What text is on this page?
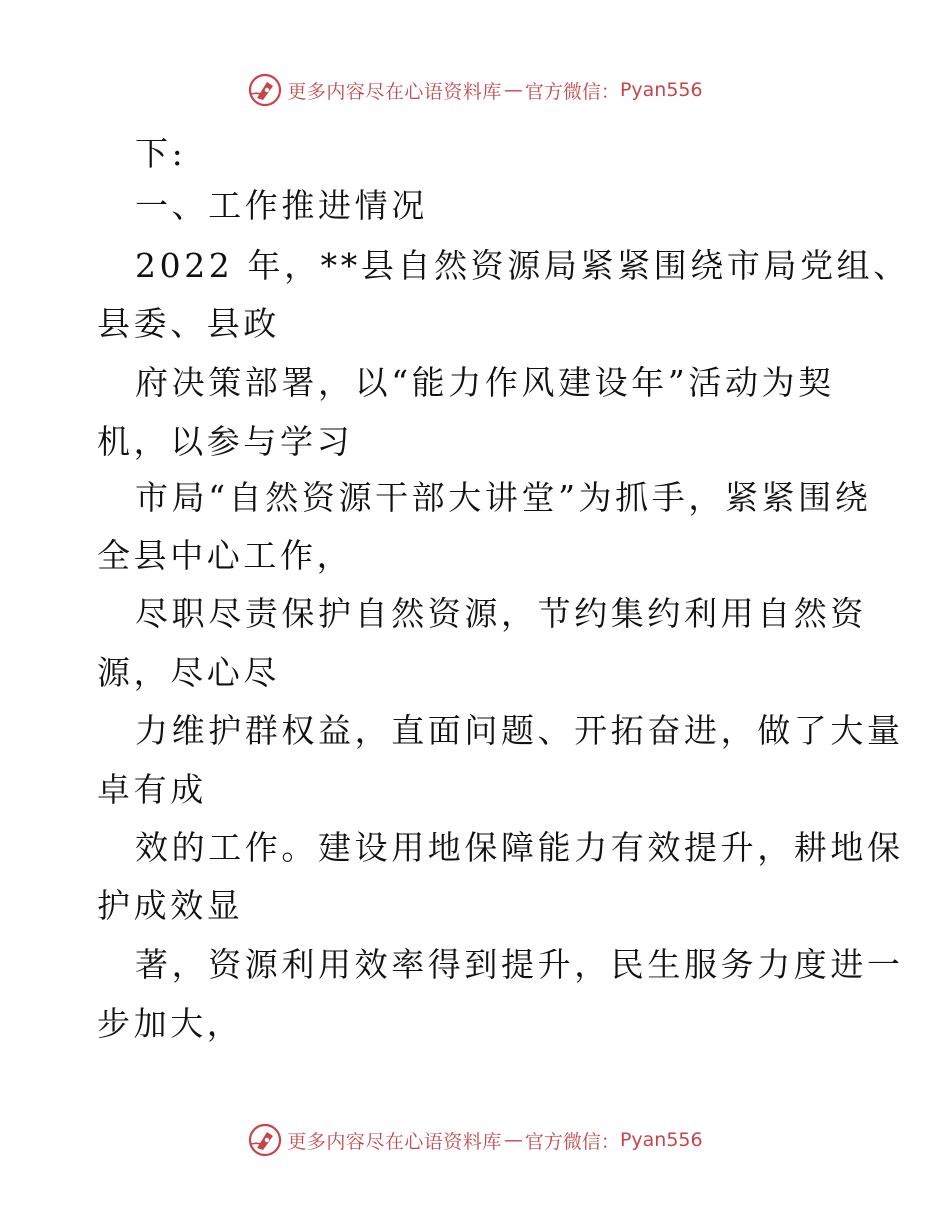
更多内容尽在心语资料库 — 官方微信： Pyan556
下:
一、工作推进情况
2022 年，**县自然资源局紧紧围绕市局党组、
县委、县政
府决策部署，以“能力作风建设年”活动为契
机，以参与学习
市局“自然资源干部大讲堂”为抓手，紧紧围绕
全县中心工作，
尽职尽责保护自然资源，节约集约利用自然资
源，尽心尽
力维护群权益，直面问题、开拓奋进，做了大量
卓有成
效的工作。建设用地保障能力有效提升，耕地保
护成效显
著，资源利用效率得到提升，民生服务力度进一
步加大，
更多内容尽在心语资料库 — 官方微信： Pyan556
